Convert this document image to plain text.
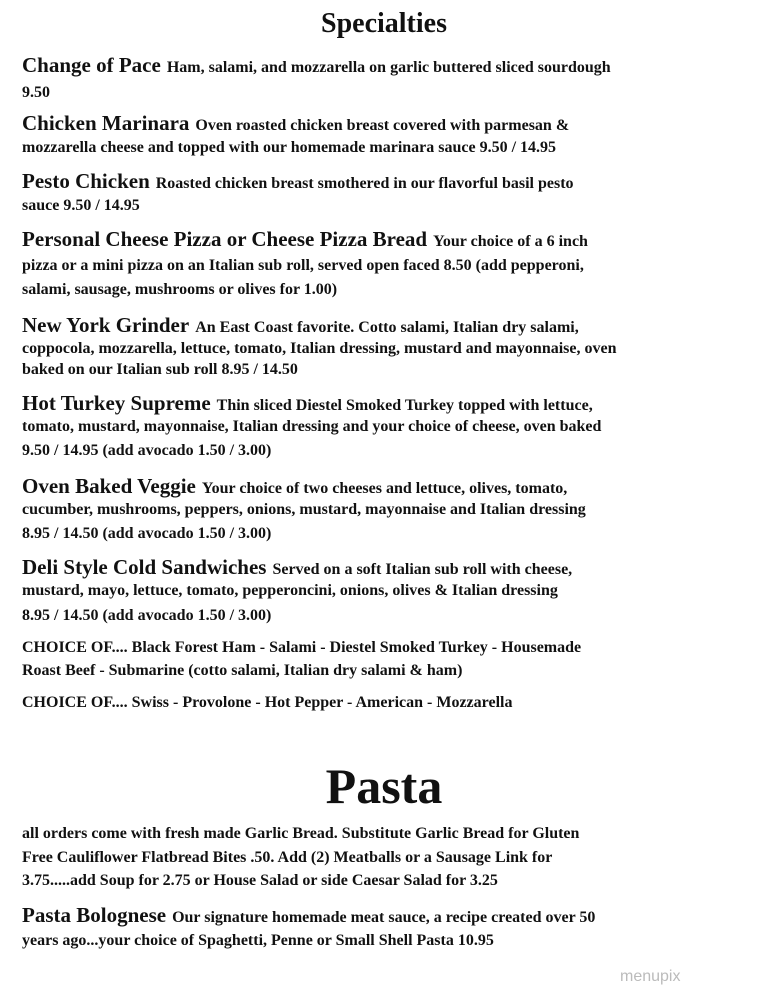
Specialties
Change of Pace Ham, salami, and mozzarella on garlic buttered sliced sourdough
9.50
Chicken Marinara Oven roasted chicken breast covered with parmesan &
mozzarella cheese and topped with our homemade marinara sauce 9.50 / 14.95
Pesto Chicken Roasted chicken breast smothered in our flavorful basil pesto
sauce 9.50 / 14.95
Personal Cheese Pizza or Cheese Pizza Bread Your choice of a 6 inch
pizza or a mini pizza on an Italian sub roll, served open faced 8.50 (add pepperoni,
salami, sausage, mushrooms or olives for 1.00)
New York Grinder An East Coast favorite. Cotto salami, Italian dry salami,
coppocola, mozzarella, lettuce, tomato, Italian dressing, mustard and mayonnaise, oven
baked on our Italian sub roll 8.95 / 14.50
Hot Turkey Supreme Thin sliced Diestel Smoked Turkey topped with lettuce,
tomato, mustard, mayonnaise, Italian dressing and your choice of cheese, oven baked
9.50 / 14.95 (add avocado 1.50 / 3.00)
Oven Baked Veggie Your choice of two cheeses and lettuce, olives, tomato,
cucumber, mushrooms, peppers, onions, mustard, mayonnaise and Italian dressing
8.95 / 14.50 (add avocado 1.50 / 3.00)
Deli Style Cold Sandwiches Served on a soft Italian sub roll with cheese,
mustard, mayo, lettuce, tomato, pepperoncini, onions, olives & Italian dressing
8.95 / 14.50 (add avocado 1.50 / 3.00)
CHOICE OF.... Black Forest Ham - Salami - Diestel Smoked Turkey - Housemade
Roast Beef - Submarine (cotto salami, Italian dry salami & ham)
CHOICE OF.... Swiss - Provolone - Hot Pepper - American - Mozzarella
Pasta
all orders come with fresh made Garlic Bread. Substitute Garlic Bread for Gluten
Free Cauliflower Flatbread Bites .50. Add (2) Meatballs or a Sausage Link for
3.75.....add Soup for 2.75 or House Salad or side Caesar Salad for 3.25
Pasta Bolognese Our signature homemade meat sauce, a recipe created over 50
years ago...your choice of Spaghetti, Penne or Small Shell Pasta 10.95
menupix
